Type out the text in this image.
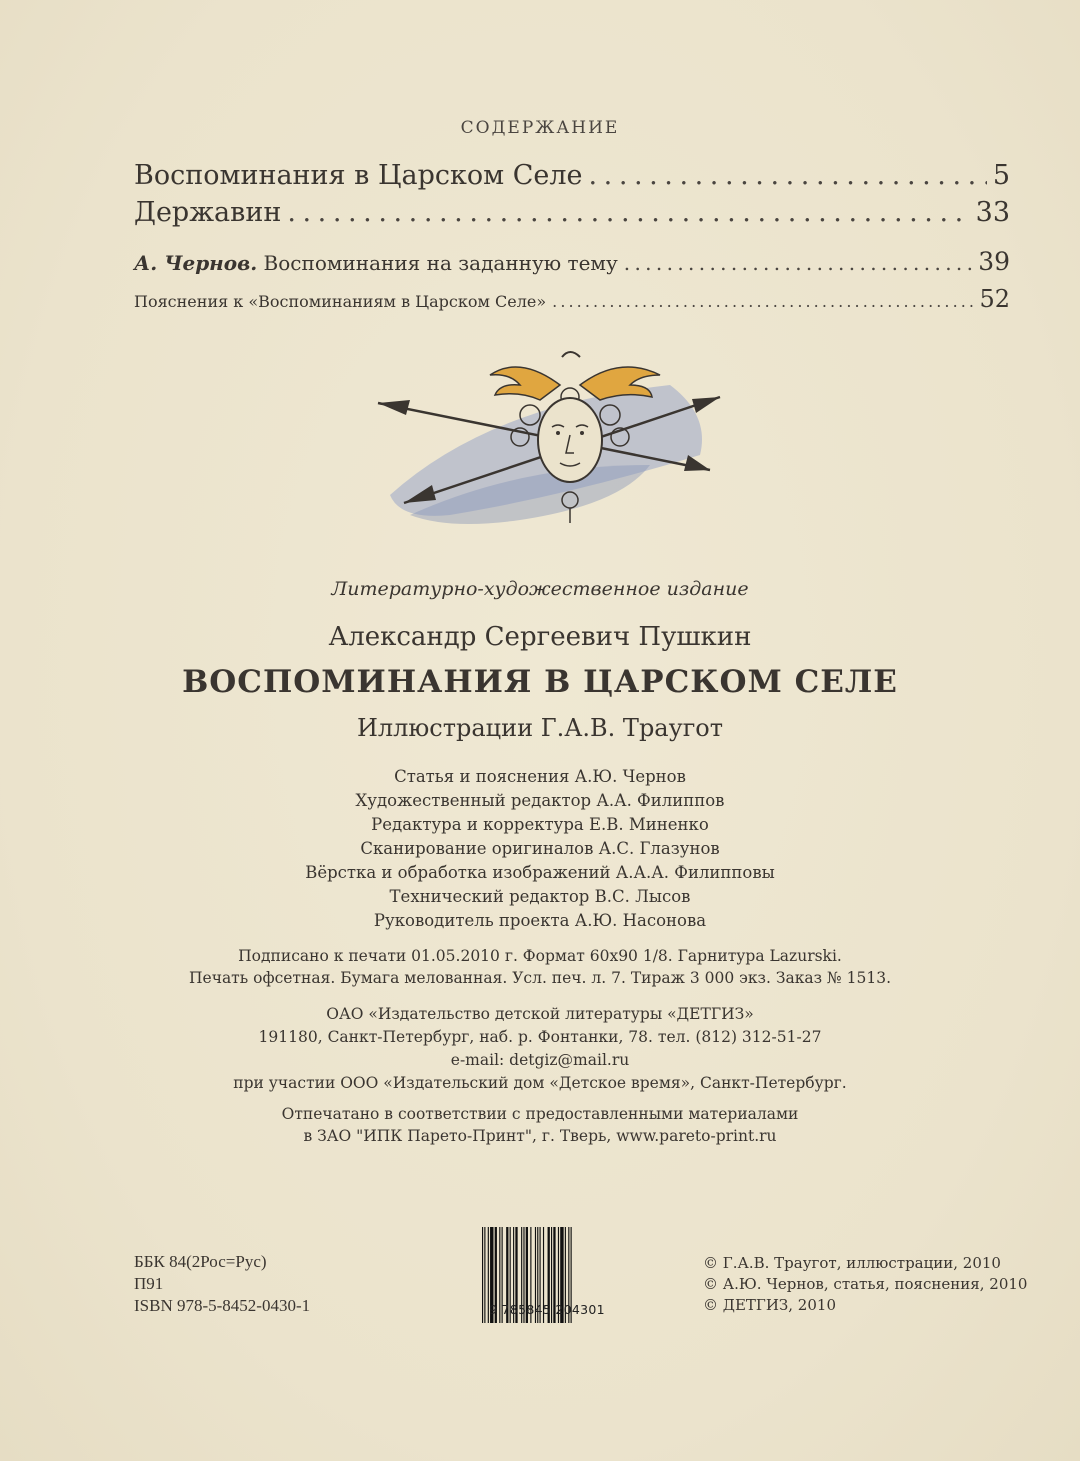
СОДЕРЖАНИЕ
Воспоминания в Царском Селе . . .	5
Державин . . .	33
А. Чернов. Воспоминания на заданную тему . . .	39
Пояснения к «Воспоминаниям в Царском Селе» . . .	52
Литературно-художественное издание
Александр Сергеевич Пушкин
ВОСПОМИНАНИЯ В ЦАРСКОМ СЕЛЕ
Иллюстрации Г.А.В. Траугот
Статья и пояснения А.Ю. Чернов
Художественный редактор А.А. Филиппов
Редактура и корректура Е.В. Миненко
Сканирование оригиналов А.С. Глазунов
Вёрстка и обработка изображений А.А.А. Филипповы
Технический редактор В.С. Лысов
Руководитель проекта А.Ю. Насонова
Подписано к печати 01.05.2010 г. Формат 60х90 1/8. Гарнитура Lazurski.
Печать офсетная. Бумага мелованная. Усл. печ. л. 7. Тираж 3 000 экз. Заказ № 1513.
ОАО «Издательство детской литературы «ДЕТГИЗ»
191180, Санкт-Петербург, наб. р. Фонтанки, 78. тел. (812) 312-51-27
e-mail: detgiz@mail.ru
при участии ООО «Издательский дом «Детское время», Санкт-Петербург.
Отпечатано в соответствии с предоставленными материалами
в ЗАО "ИПК Парето-Принт", г. Тверь, www.pareto-print.ru
ББК 84(2Рос=Рус)
П91
ISBN 978-5-8452-0430-1	9 785845 204301
© Г.А.В. Траугот, иллюстрации, 2010
© А.Ю. Чернов, статья, пояснения, 2010
© ДЕТГИЗ, 2010
